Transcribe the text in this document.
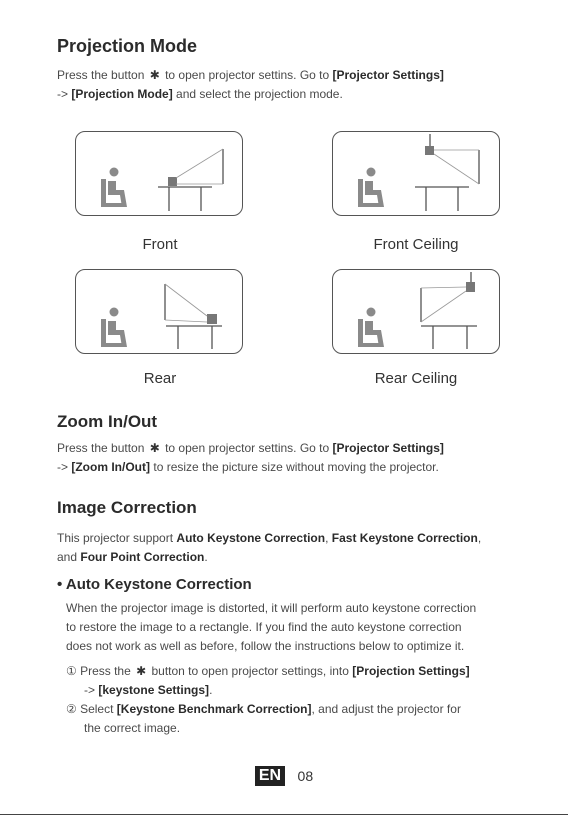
Projection Mode
Press the button ✱ to open projector settins. Go to [Projector Settings]
-> [Projection Mode] and select the projection mode.
Front	Front Ceiling
Rear	Rear Ceiling
Zoom In/Out
Press the button ✱ to open projector settins. Go to [Projector Settings]
-> [Zoom In/Out] to resize the picture size without moving the projector.
Image Correction
This projector support Auto Keystone Correction, Fast Keystone Correction,
and Four Point Correction.
• Auto Keystone Correction
When the projector image is distorted, it will perform auto keystone correction
to restore the image to a rectangle. If you find the auto keystone correction
does not work as well as before, follow the instructions below to optimize it.
① Press the ✱ button to open projector settings, into [Projection Settings]
-> [keystone Settings].
② Select [Keystone Benchmark Correction], and adjust the projector for
the correct image.
EN 08
